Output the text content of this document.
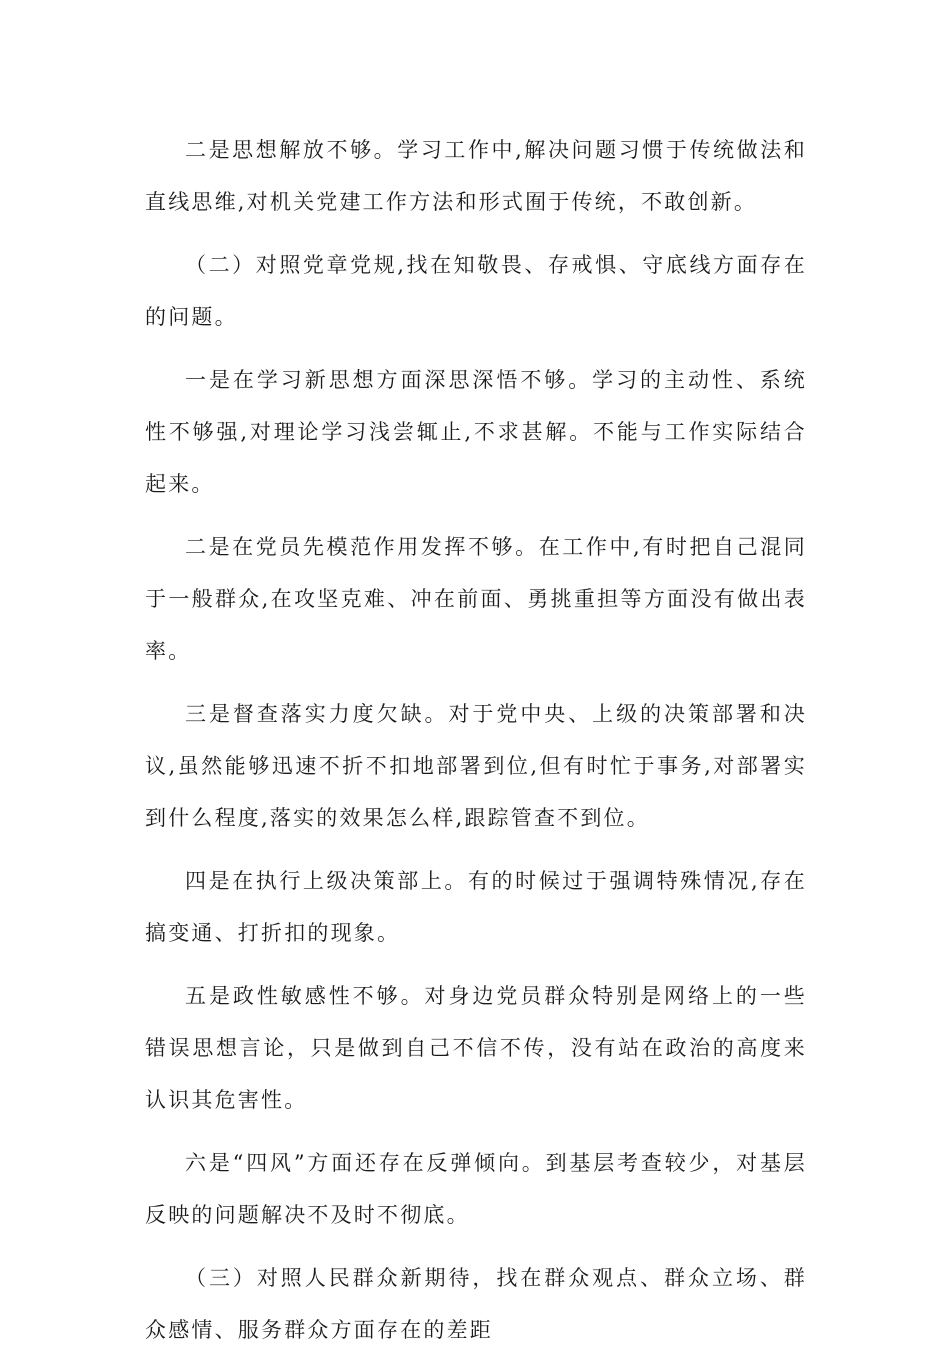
二是思想解放不够。学习工作中,解决问题习惯于传统做法和直线思维,对机关党建工作方法和形式囿于传统，不敢创新。

（二）对照党章党规,找在知敬畏、存戒惧、守底线方面存在的问题。

一是在学习新思想方面深思深悟不够。学习的主动性、系统性不够强,对理论学习浅尝辄止,不求甚解。不能与工作实际结合起来。

二是在党员先模范作用发挥不够。在工作中,有时把自己混同于一般群众,在攻坚克难、冲在前面、勇挑重担等方面没有做出表率。

三是督查落实力度欠缺。对于党中央、上级的决策部署和决议,虽然能够迅速不折不扣地部署到位,但有时忙于事务,对部署实到什么程度,落实的效果怎么样,跟踪管查不到位。

四是在执行上级决策部上。有的时候过于强调特殊情况,存在搞变通、打折扣的现象。

五是政性敏感性不够。对身边党员群众特别是网络上的一些错误思想言论，只是做到自己不信不传，没有站在政治的高度来认识其危害性。

六是“四风”方面还存在反弹倾向。到基层考查较少，对基层反映的问题解决不及时不彻底。

（三）对照人民群众新期待，找在群众观点、群众立场、群众感情、服务群众方面存在的差距
